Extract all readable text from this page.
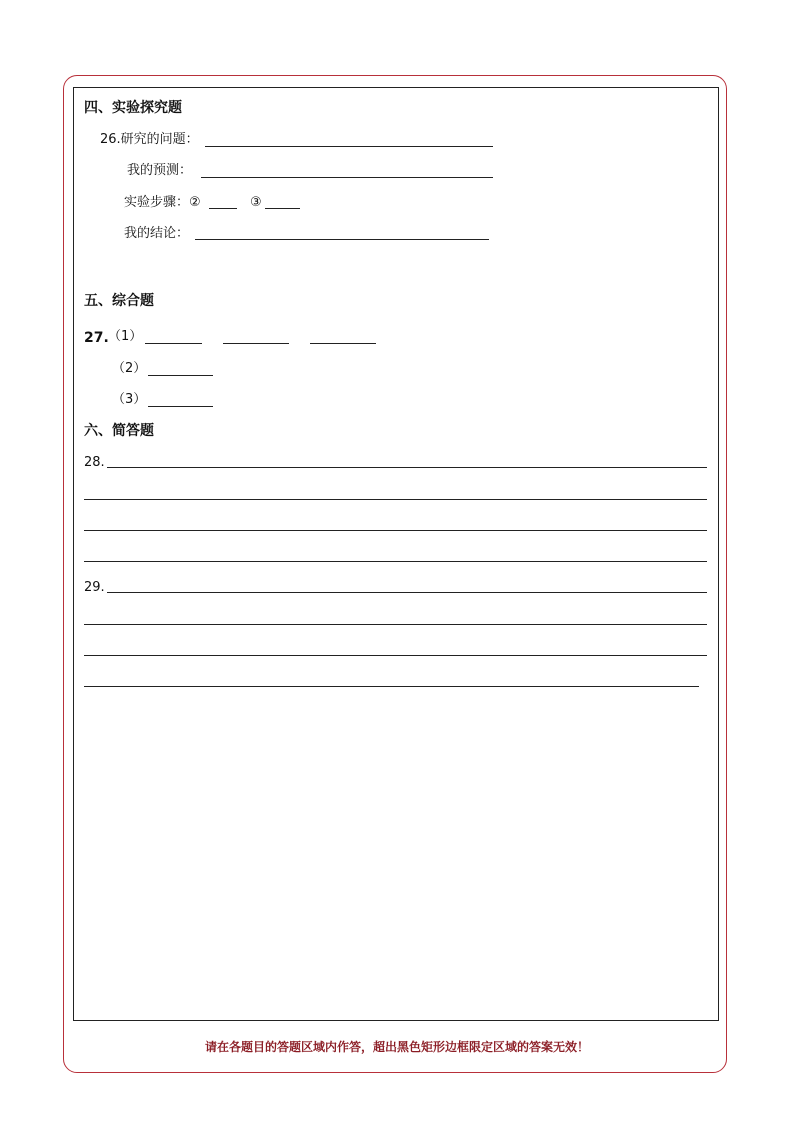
四、实验探究题
26.研究的问题：
我的预测：
实验步骤：②	③
我的结论：
五、综合题
27. （1）
（2）
（3）
六、简答题
28.
29.
请在各题目的答题区域内作答，超出黑色矩形边框限定区域的答案无效！
